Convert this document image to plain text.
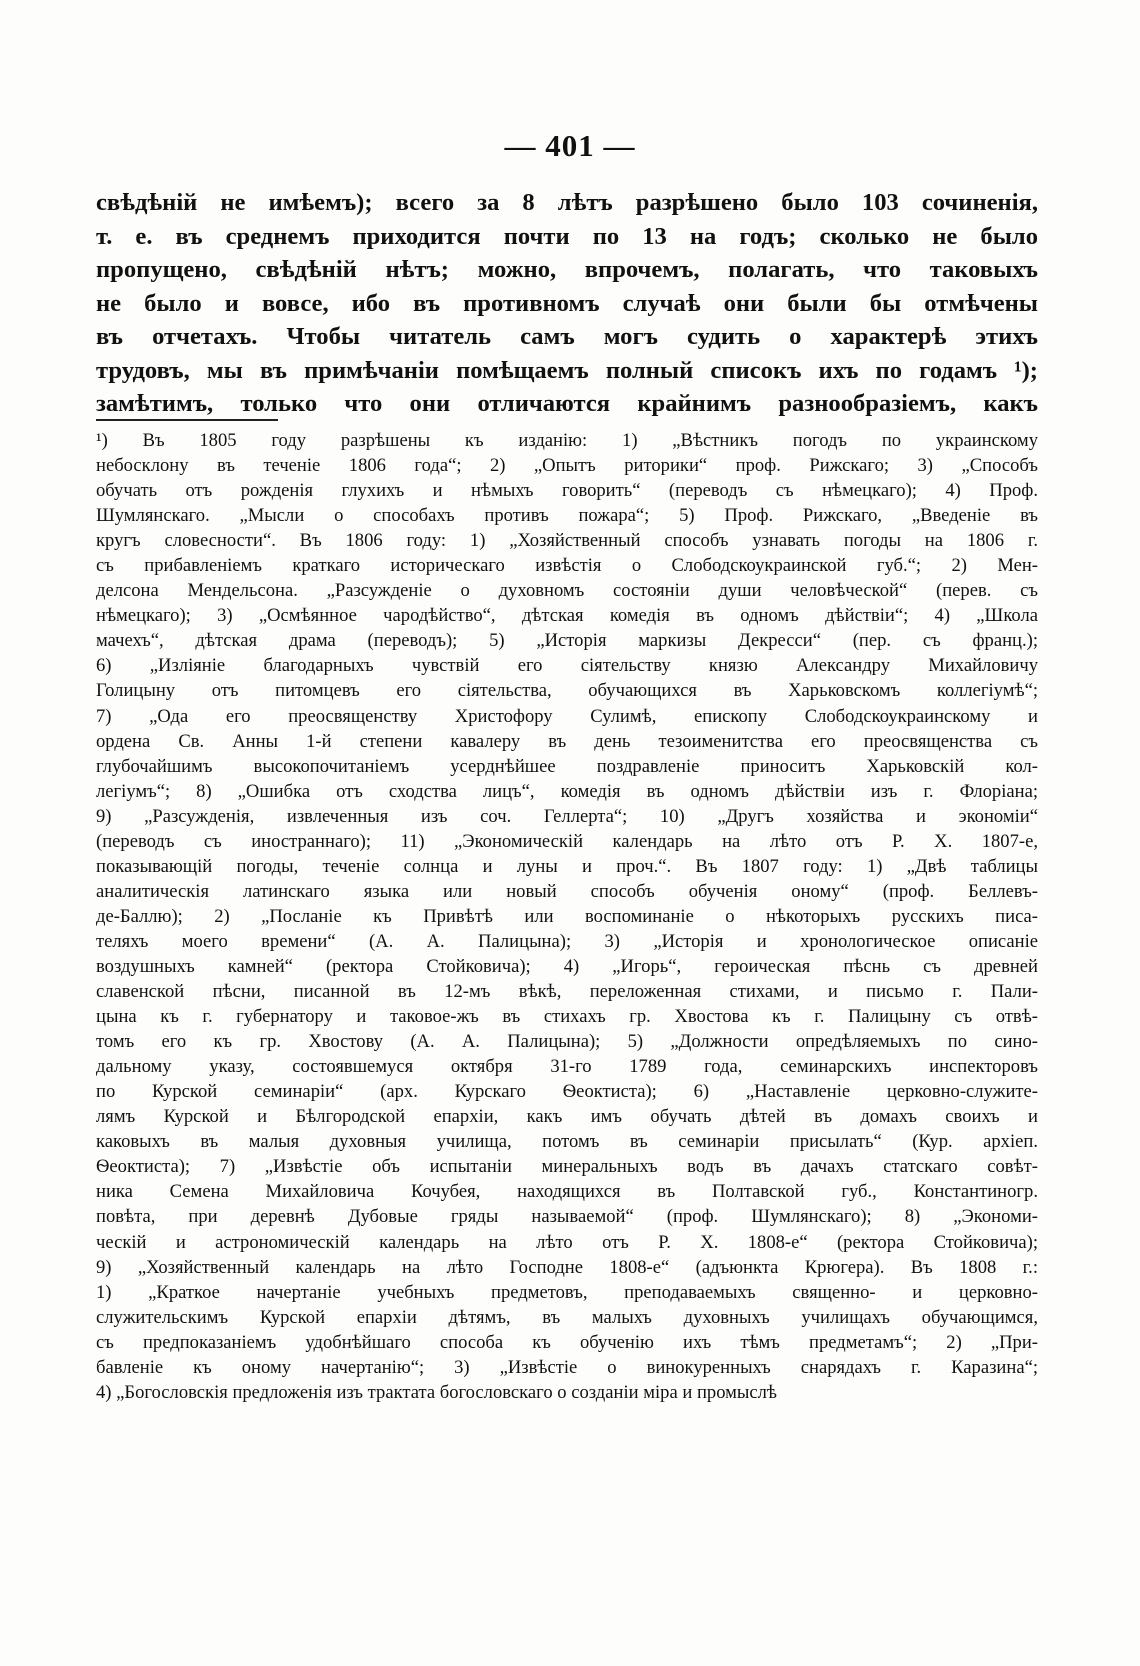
— 401 —
свѣдѣній не имѣемъ); всего за 8 лѣтъ разрѣшено было 103 сочиненія,
т. е. въ среднемъ приходится почти по 13 на годъ; сколько не было
пропущено, свѣдѣній нѣтъ; можно, впрочемъ, полагать, что таковыхъ
не было и вовсе, ибо въ противномъ случаѣ они были бы отмѣчены
въ отчетахъ. Чтобы читатель самъ могъ судить о характерѣ этихъ
трудовъ, мы въ примѣчаніи помѣщаемъ полный списокъ ихъ по годамъ ¹);
замѣтимъ, только что они отличаются крайнимъ разнообразіемъ, какъ
¹) Въ 1805 году разрѣшены къ изданію: 1) „Вѣстникъ погодъ по украинскому
небосклону въ теченіе 1806 года“; 2) „Опытъ риторики“ проф. Рижскаго; 3) „Способъ
обучать отъ рожденія глухихъ и нѣмыхъ говорить“ (переводъ съ нѣмецкаго); 4) Проф.
Шумлянскаго. „Мысли о способахъ противъ пожара“; 5) Проф. Рижскаго, „Введеніе въ
кругъ словесности“. Въ 1806 году: 1) „Хозяйственный способъ узнавать погоды на 1806 г.
съ прибавленіемъ краткаго историческаго извѣстія о Слободскоукраинской губ.“; 2) Мен-
делсона Мендельсона. „Разсужденіе о духовномъ состояніи души человѣческой“ (перев. съ
нѣмецкаго); 3) „Осмѣянное чародѣйство“, дѣтская комедія въ одномъ дѣйствіи“; 4) „Школа
мачехъ“, дѣтская драма (переводъ); 5) „Исторія маркизы Декресси“ (пер. съ франц.);
6) „Изліяніе благодарныхъ чувствій его сіятельству князю Александру Михайловичу
Голицыну отъ питомцевъ его сіятельства, обучающихся въ Харьковскомъ коллегіумѣ“;
7) „Ода его преосвященству Христофору Сулимѣ, епископу Слободскоукраинскому и
ордена Св. Анны 1-й степени кавалеру въ день тезоименитства его преосвященства съ
глубочайшимъ высокопочитаніемъ усерднѣйшее поздравленіе приноситъ Харьковскій кол-
легіумъ“; 8) „Ошибка отъ сходства лицъ“, комедія въ одномъ дѣйствіи изъ г. Флоріана;
9) „Разсужденія, извлеченныя изъ соч. Геллерта“; 10) „Другъ хозяйства и экономіи“
(переводъ съ иностраннаго); 11) „Экономическій календарь на лѣто отъ Р. Х. 1807-е,
показывающій погоды, теченіе солнца и луны и проч.“. Въ 1807 году: 1) „Двѣ таблицы
аналитическія латинскаго языка или новый способъ обученія оному“ (проф. Беллевъ-
де-Баллю); 2) „Посланіе къ Привѣтѣ или воспоминаніе о нѣкоторыхъ русскихъ писа-
теляхъ моего времени“ (А. А. Палицына); 3) „Исторія и хронологическое описаніе
воздушныхъ камней“ (ректора Стойковича); 4) „Игорь“, героическая пѣснь съ древней
славенской пѣсни, писанной въ 12-мъ вѣкѣ, переложенная стихами, и письмо г. Пали-
цына къ г. губернатору и таковое-жъ въ стихахъ гр. Хвостова къ г. Палицыну съ отвѣ-
томъ его къ гр. Хвостову (А. А. Палицына); 5) „Должности опредѣляемыхъ по сино-
дальному указу, состоявшемуся октября 31-го 1789 года, семинарскихъ инспекторовъ
по Курской семинаріи“ (арх. Курскаго Ѳеоктиста); 6) „Наставленіе церковно-служите-
лямъ Курской и Бѣлгородской епархіи, какъ имъ обучать дѣтей въ домахъ своихъ и
каковыхъ въ малыя духовныя училища, потомъ въ семинаріи присылать“ (Кур. архіеп.
Ѳеоктиста); 7) „Извѣстіе объ испытаніи минеральныхъ водъ въ дачахъ статскаго совѣт-
ника Семена Михайловича Кочубея, находящихся въ Полтавской губ., Константиногр.
повѣта, при деревнѣ Дубовые гряды называемой“ (проф. Шумлянскаго); 8) „Экономи-
ческій и астрономическій календарь на лѣто отъ Р. Х. 1808-е“ (ректора Стойковича);
9) „Хозяйственный календарь на лѣто Господне 1808-е“ (адъюнкта Крюгера). Въ 1808 г.:
1) „Краткое начертаніе учебныхъ предметовъ, преподаваемыхъ священно- и церковно-
служительскимъ Курской епархіи дѣтямъ, въ малыхъ духовныхъ училищахъ обучающимся,
съ предпоказаніемъ удобнѣйшаго способа къ обученію ихъ тѣмъ предметамъ“; 2) „При-
бавленіе къ оному начертанію“; 3) „Извѣстіе о винокуренныхъ снарядахъ г. Каразина“;
4) „Богословскія предложенія изъ трактата богословскаго о созданіи міра и промыслѣ
